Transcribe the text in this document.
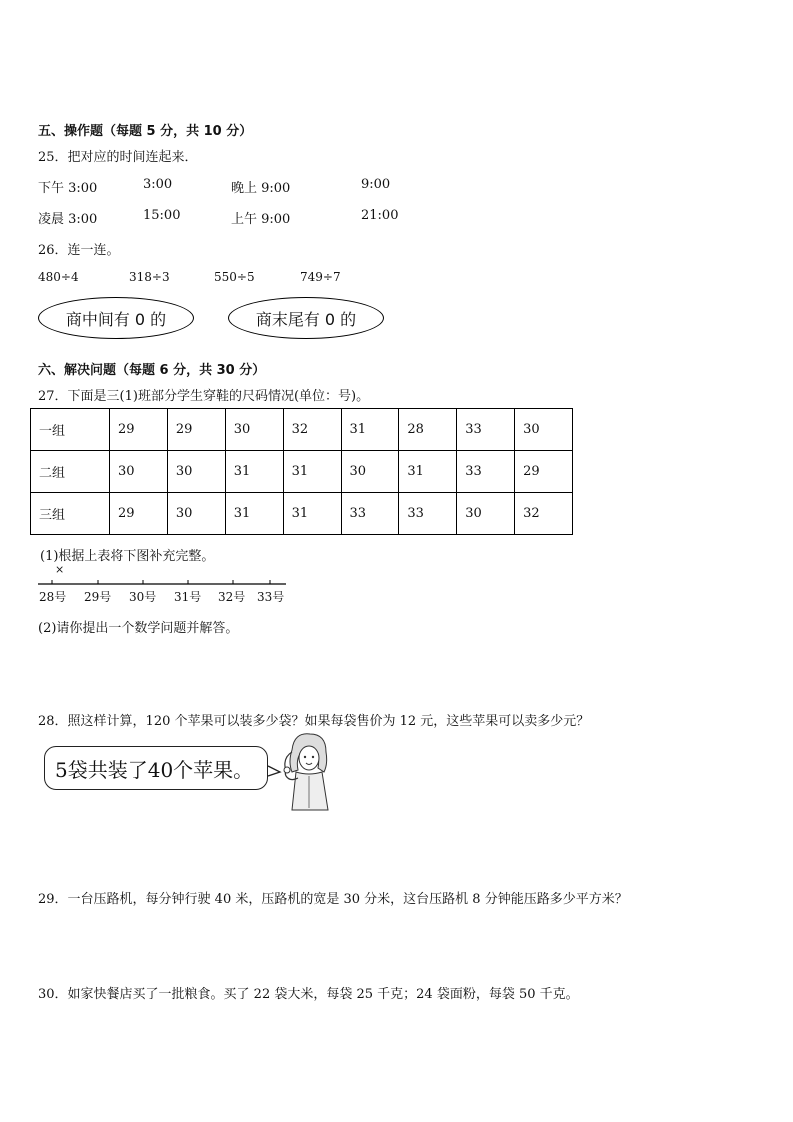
五、操作题（每题 5 分，共 10 分）
25．把对应的时间连起来．
下午 3:00	3:00	晚上 9:00	9:00
凌晨 3:00	15:00	上午 9:00	21:00
26．连一连。
480÷4	318÷3	550÷5	749÷7
商中间有 0 的	商末尾有 0 的
六、解决问题（每题 6 分，共 30 分）
27．下面是三(1)班部分学生穿鞋的尺码情况(单位：号)。
一组	29	29	30	32	31	28	33	30
二组	30	30	31	31	30	31	33	29
三组	29	30	31	31	33	33	30	32
(1)根据上表将下图补充完整。
×
28号 29号 30号 31号 32号 33号
(2)请你提出一个数学问题并解答。
28．照这样计算，120 个苹果可以装多少袋？如果每袋售价为 12 元，这些苹果可以卖多少元？
5袋共装了40个苹果。
29．一台压路机，每分钟行驶 40 米，压路机的宽是 30 分米，这台压路机 8 分钟能压路多少平方米？
30．如家快餐店买了一批粮食。买了 22 袋大米，每袋 25 千克；24 袋面粉，每袋 50 千克。
